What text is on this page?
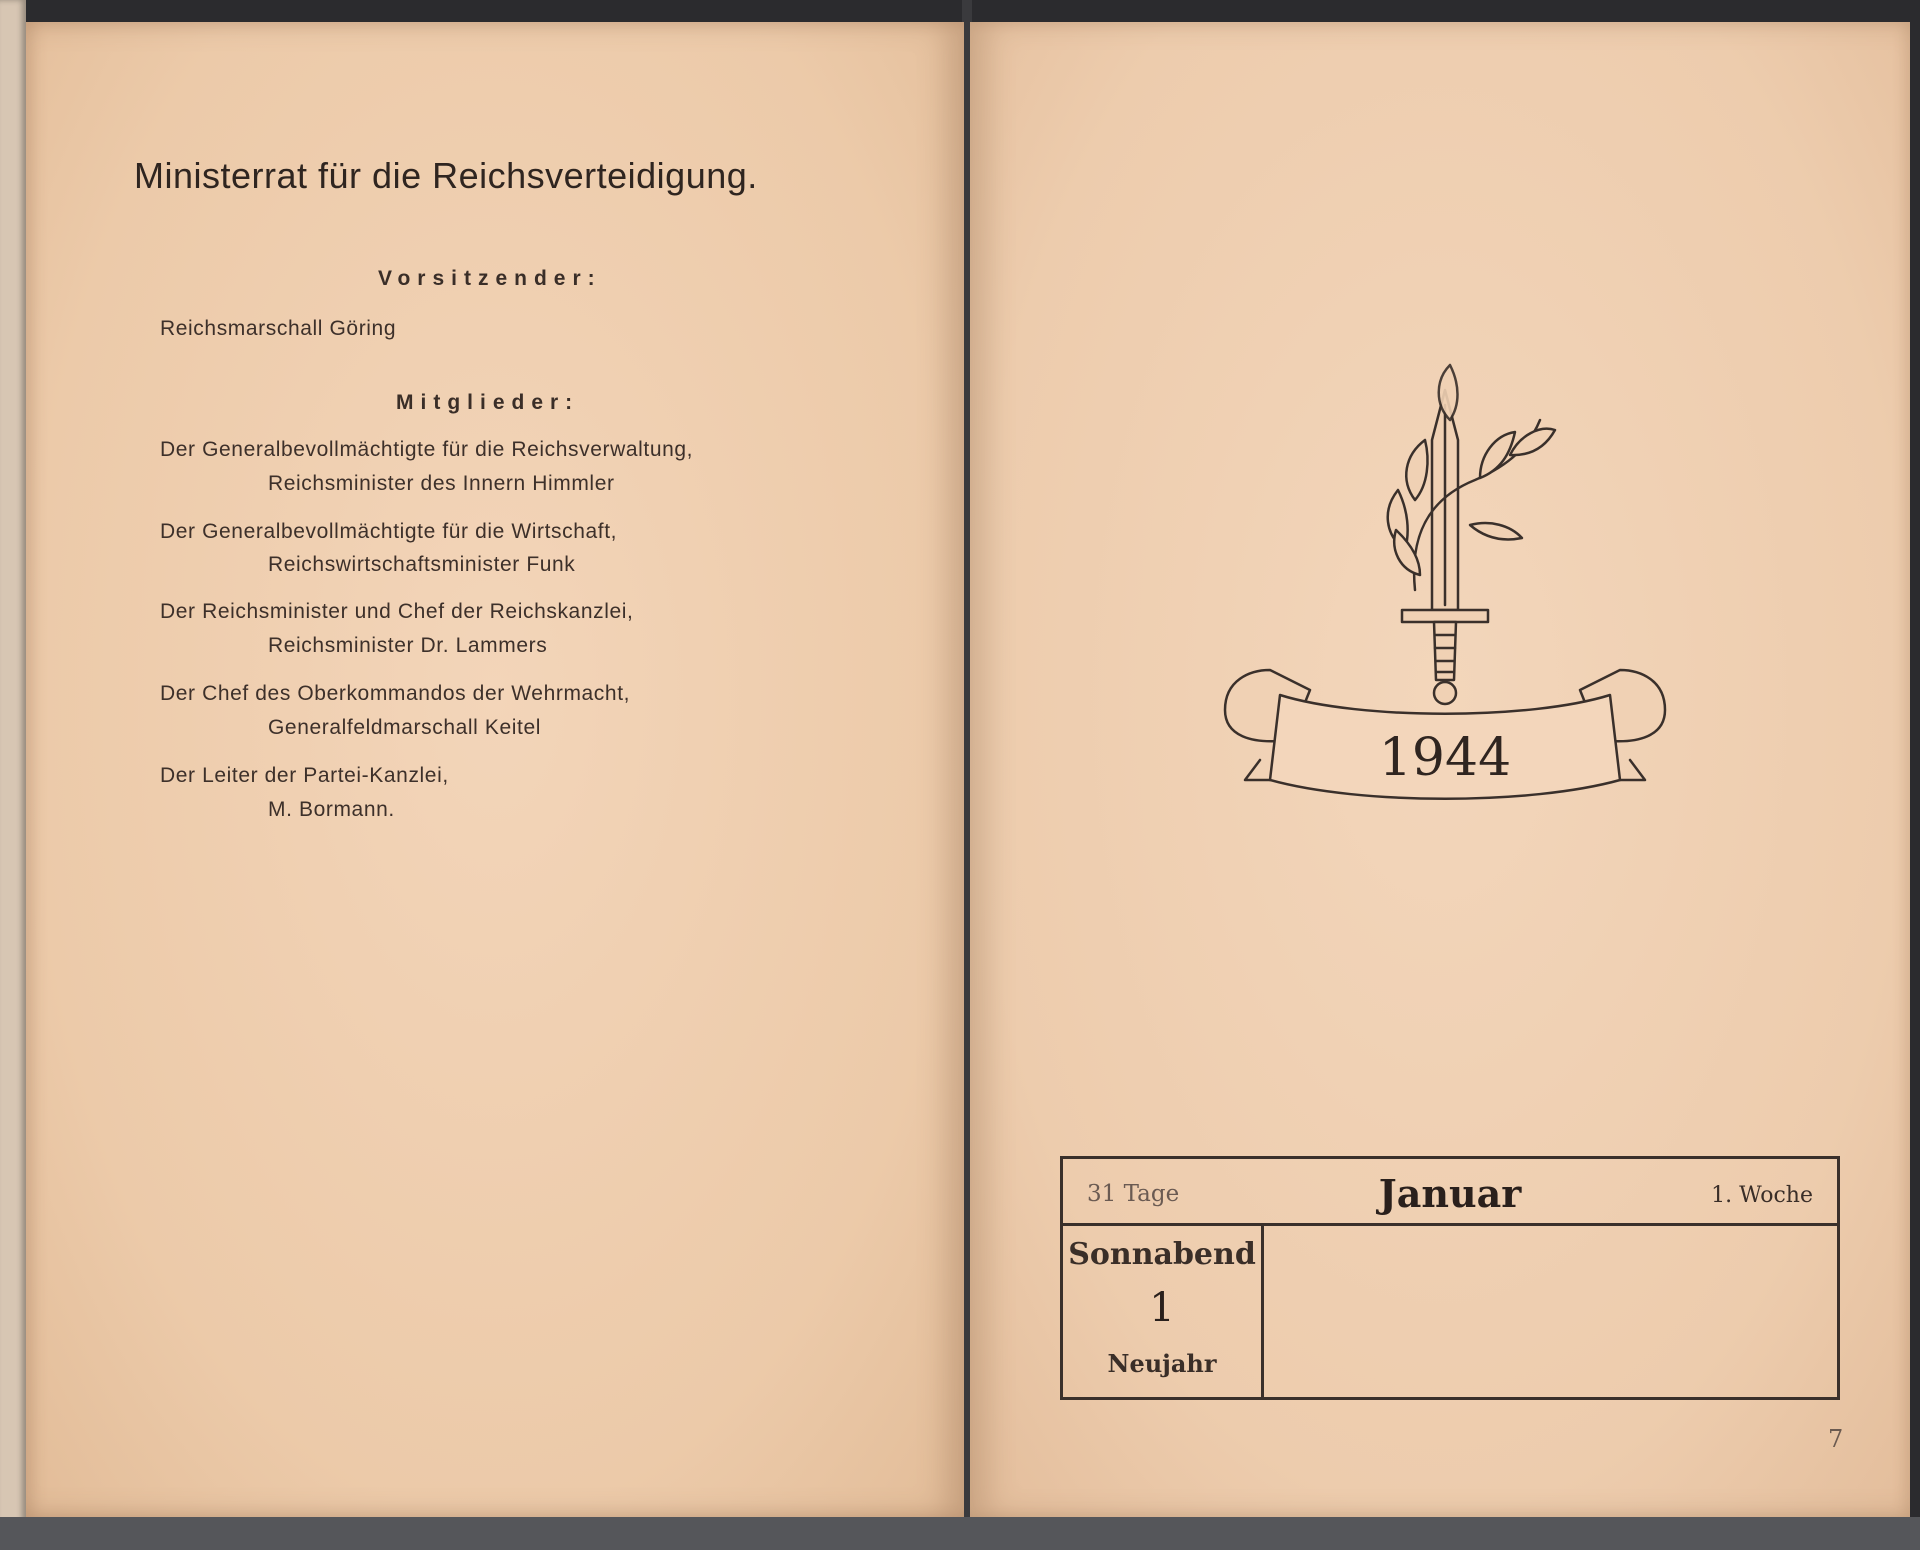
Ministerrat für die Reichsverteidigung.
Vorsitzender:
Reichsmarschall Göring
Mitglieder:
Der Generalbevollmächtigte für die Reichsverwaltung,
Reichsminister des Innern Himmler
Der Generalbevollmächtigte für die Wirtschaft,
Reichswirtschaftsminister Funk
Der Reichsminister und Chef der Reichskanzlei,
Reichsminister Dr. Lammers
Der Chef des Oberkommandos der Wehrmacht,
Generalfeldmarschall Keitel
Der Leiter der Partei-Kanzlei,
M. Bormann.
1944
31 Tage	Januar	1. Woche
Sonnabend
1
Neujahr
7
